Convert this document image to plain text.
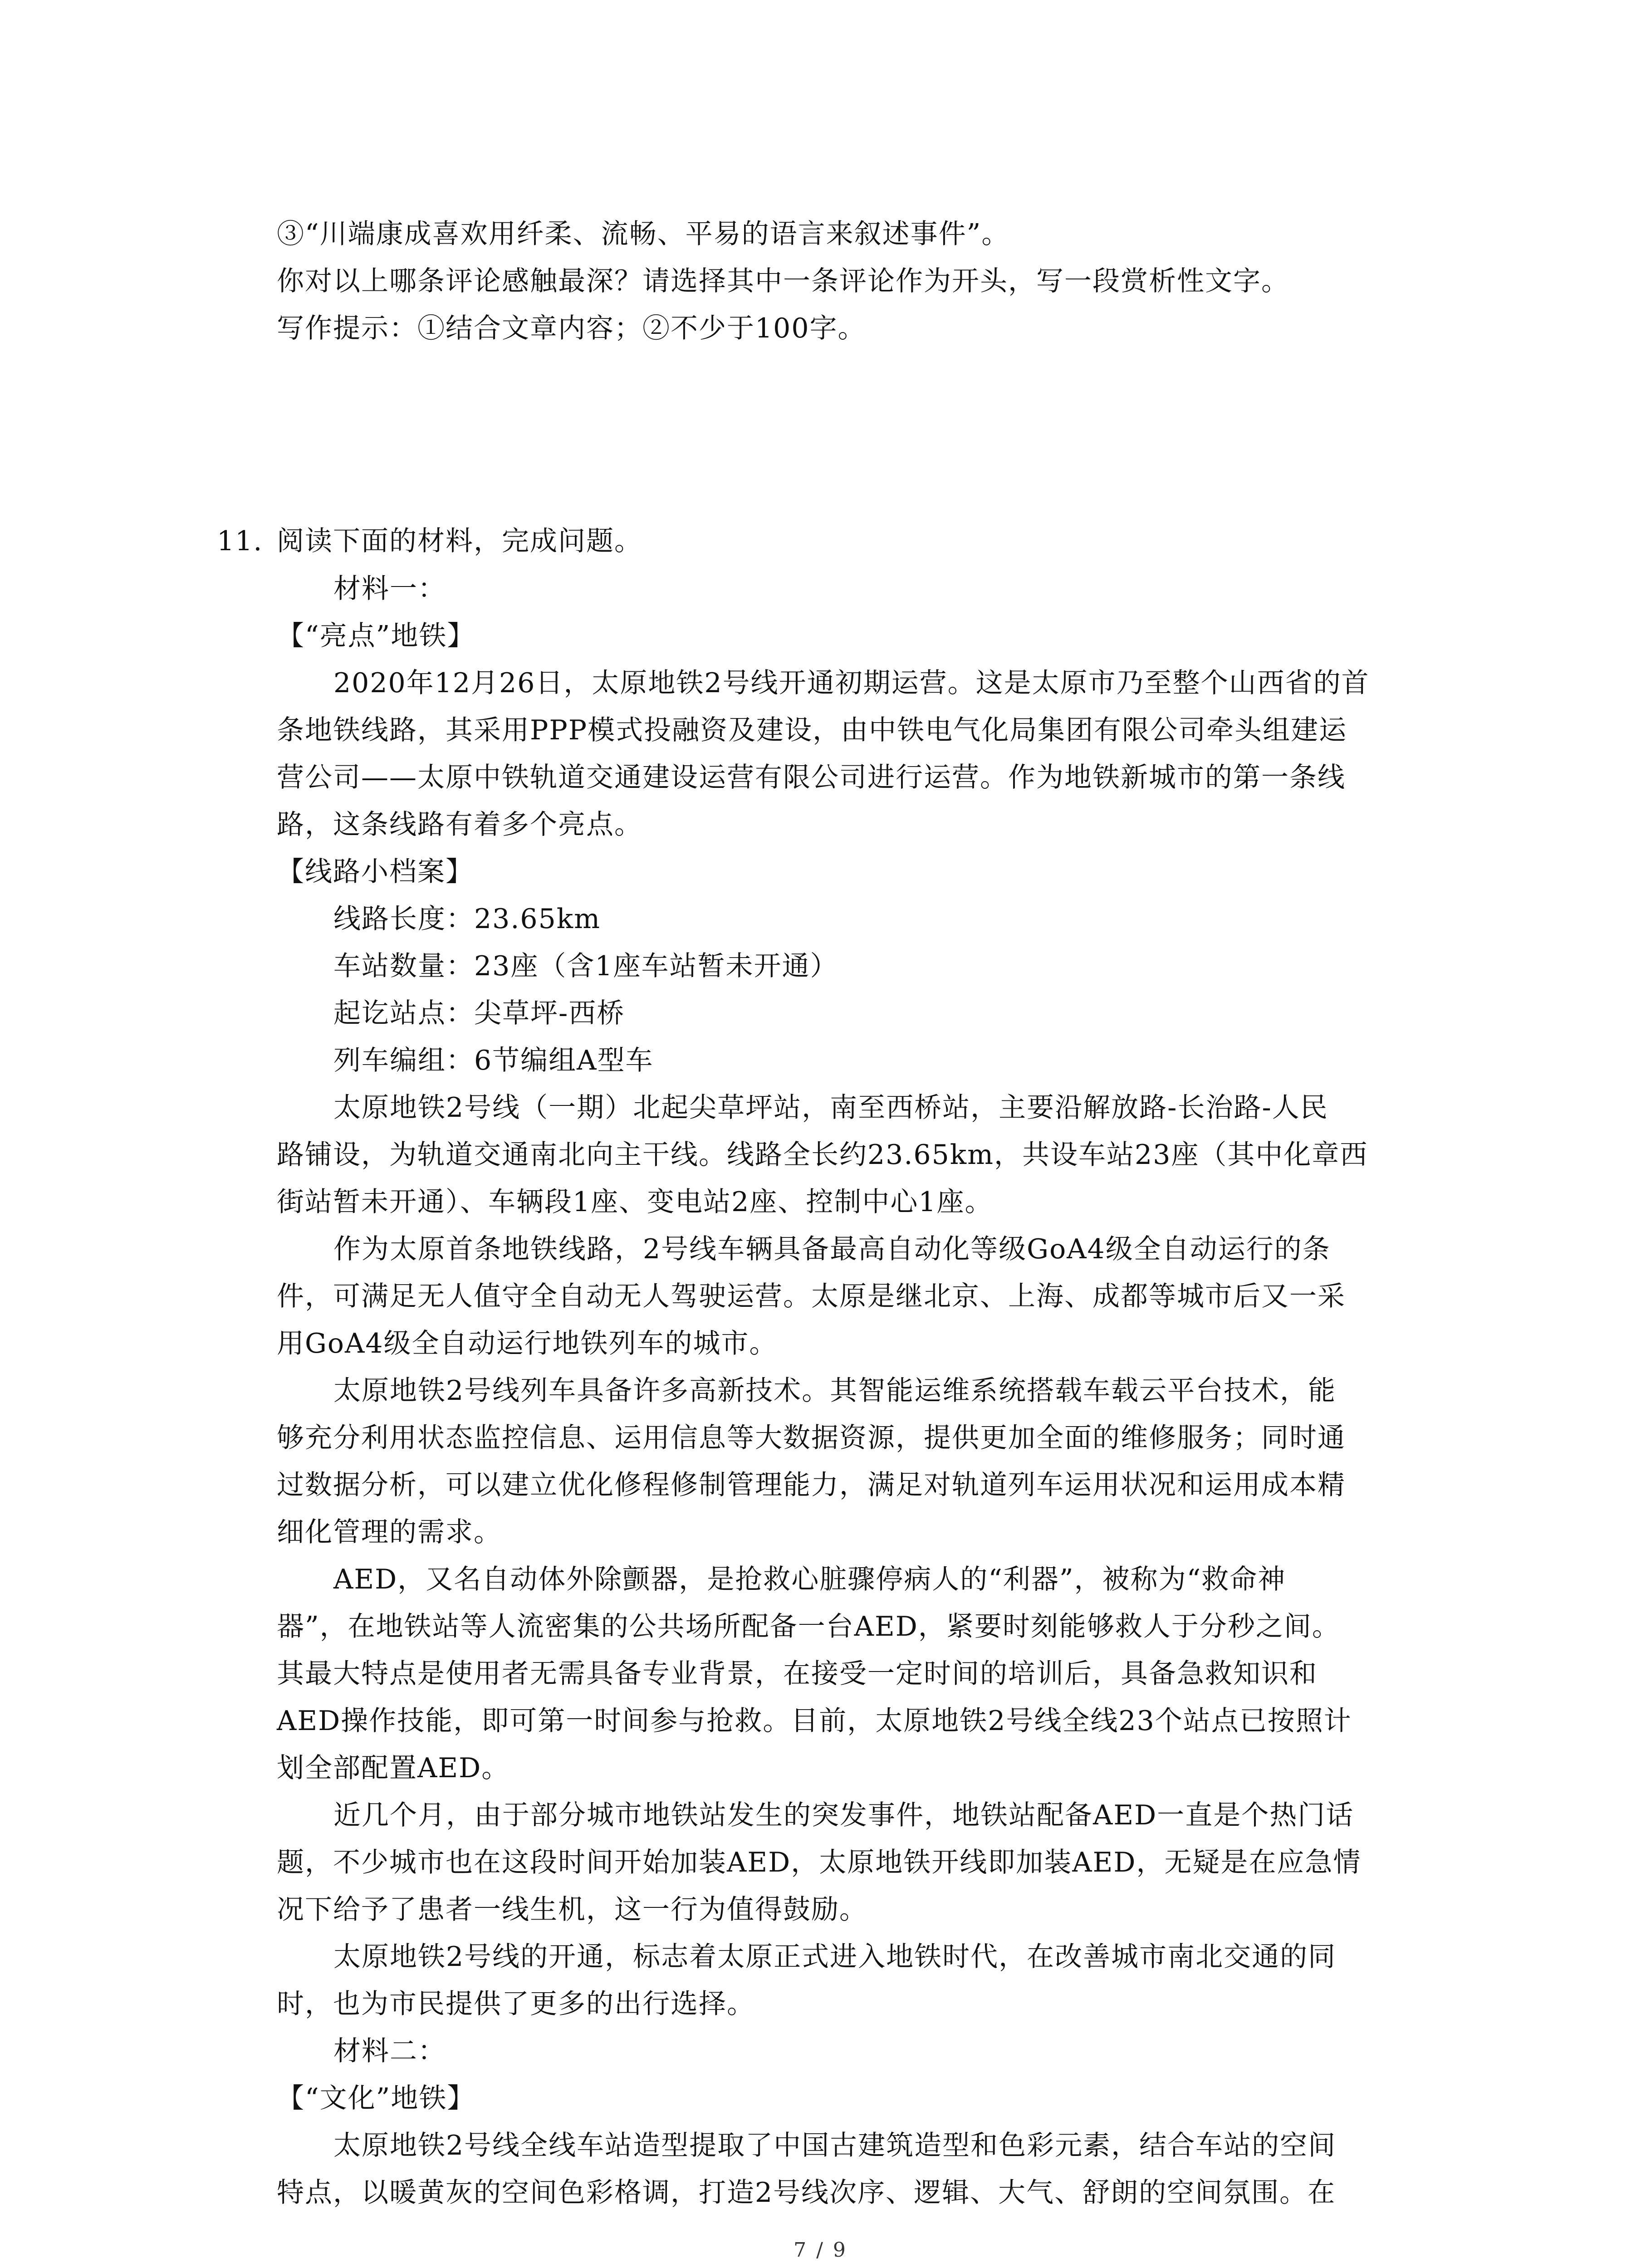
③“川端康成喜欢用纤柔、流畅、平易的语言来叙述事件”。

你对以上哪条评论感触最深？请选择其中一条评论作为开头，写一段赏析性文字。

写作提示：①结合文章内容；②不少于100字。

11. 阅读下面的材料，完成问题。

材料一：

【“亮点”地铁】

2020年12月26日，太原地铁2号线开通初期运营。这是太原市乃至整个山西省的首

条地铁线路，其采用PPP模式投融资及建设，由中铁电气化局集团有限公司牵头组建运

营公司——太原中铁轨道交通建设运营有限公司进行运营。作为地铁新城市的第一条线

路，这条线路有着多个亮点。

【线路小档案】

线路长度：23.65km

车站数量：23座（含1座车站暂未开通）

起讫站点：尖草坪-西桥

列车编组：6节编组A型车

太原地铁2号线（一期）北起尖草坪站，南至西桥站，主要沿解放路-长治路-人民

路铺设，为轨道交通南北向主干线。线路全长约23.65km，共设车站23座（其中化章西

街站暂未开通）、车辆段1座、变电站2座、控制中心1座。

作为太原首条地铁线路，2号线车辆具备最高自动化等级GoA4级全自动运行的条

件，可满足无人值守全自动无人驾驶运营。太原是继北京、上海、成都等城市后又一采

用GoA4级全自动运行地铁列车的城市。

太原地铁2号线列车具备许多高新技术。其智能运维系统搭载车载云平台技术，能

够充分利用状态监控信息、运用信息等大数据资源，提供更加全面的维修服务；同时通

过数据分析，可以建立优化修程修制管理能力，满足对轨道列车运用状况和运用成本精

细化管理的需求。

AED，又名自动体外除颤器，是抢救心脏骤停病人的“利器”，被称为“救命神

器”，在地铁站等人流密集的公共场所配备一台AED，紧要时刻能够救人于分秒之间。

其最大特点是使用者无需具备专业背景，在接受一定时间的培训后，具备急救知识和

AED操作技能，即可第一时间参与抢救。目前，太原地铁2号线全线23个站点已按照计

划全部配置AED。

近几个月，由于部分城市地铁站发生的突发事件，地铁站配备AED一直是个热门话

题，不少城市也在这段时间开始加装AED，太原地铁开线即加装AED，无疑是在应急情

况下给予了患者一线生机，这一行为值得鼓励。

太原地铁2号线的开通，标志着太原正式进入地铁时代，在改善城市南北交通的同

时，也为市民提供了更多的出行选择。

材料二：

【“文化”地铁】

太原地铁2号线全线车站造型提取了中国古建筑造型和色彩元素，结合车站的空间

特点，以暖黄灰的空间色彩格调，打造2号线次序、逻辑、大气、舒朗的空间氛围。在

7 / 9
